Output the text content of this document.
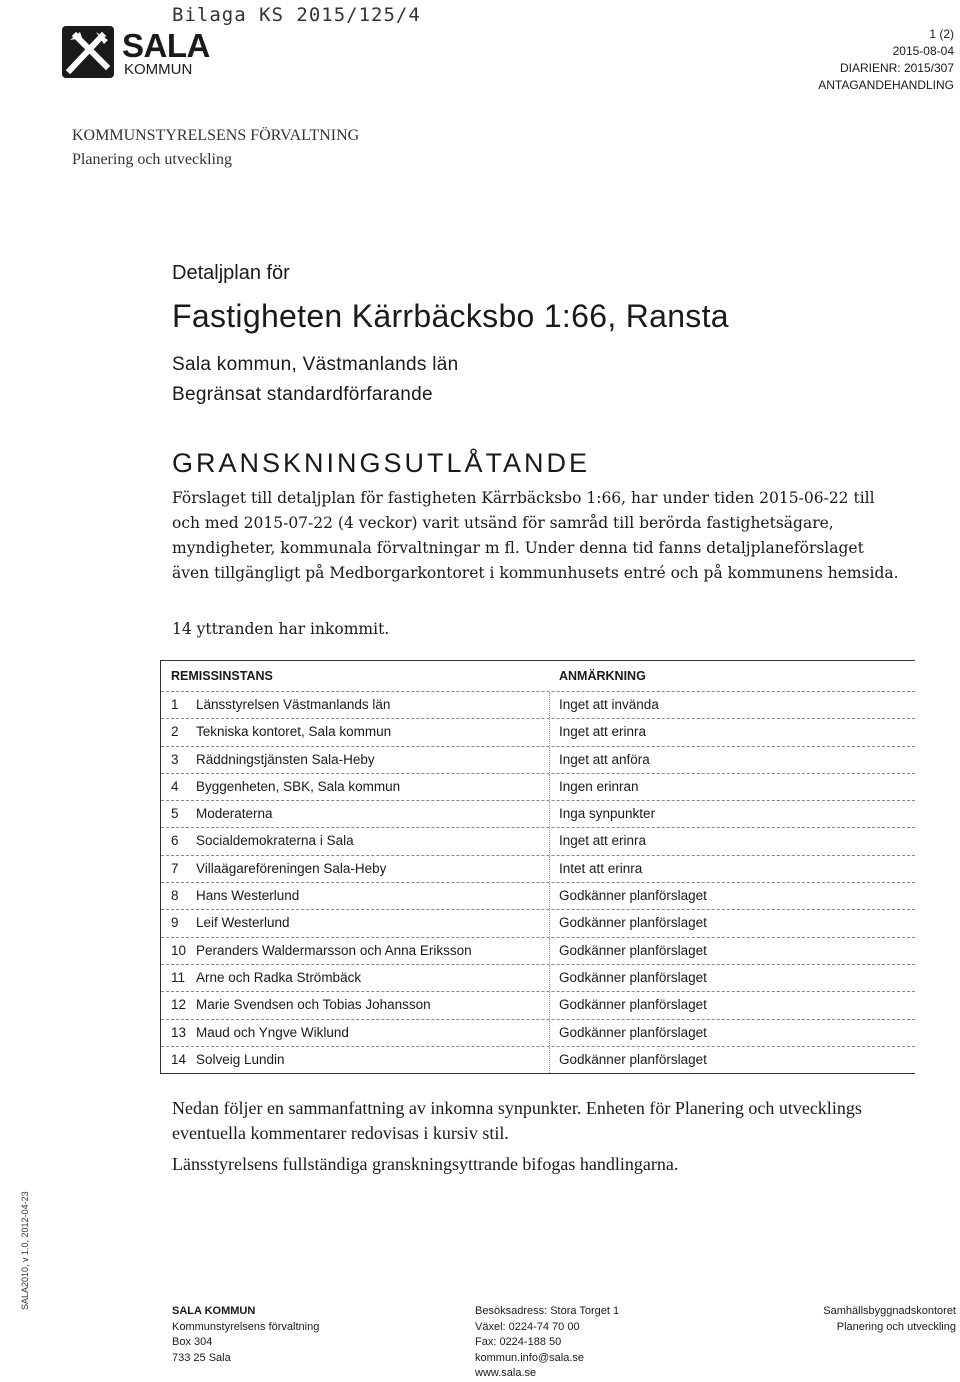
Bilaga KS 2015/125/4
SALA
KOMMUN
1 (2)
2015-08-04
DIARIENR: 2015/307
ANTAGANDEHANDLING
KOMMUNSTYRELSENS FÖRVALTNING
Planering och utveckling
Detaljplan för
Fastigheten Kärrbäcksbo 1:66, Ransta
Sala kommun, Västmanlands län
Begränsat standardförfarande
GRANSKNINGSUTLÅTANDE
Förslaget till detaljplan för fastigheten Kärrbäcksbo 1:66, har under tiden 2015-06-22 till och med 2015-07-22 (4 veckor) varit utsänd för samråd till berörda fastighetsägare, myndigheter, kommunala förvaltningar m fl. Under denna tid fanns detaljplaneförslaget även tillgängligt på Medborgarkontoret i kommunhusets entré och på kommunens hemsida.
14 yttranden har inkommit.
REMISSINSTANS	ANMÄRKNING
1 Länsstyrelsen Västmanlands län	Inget att invända
2 Tekniska kontoret, Sala kommun	Inget att erinra
3 Räddningstjänsten Sala-Heby	Inget att anföra
4 Byggenheten, SBK, Sala kommun	Ingen erinran
5 Moderaterna	Inga synpunkter
6 Socialdemokraterna i Sala	Inget att erinra
7 Villaägareföreningen Sala-Heby	Intet att erinra
8 Hans Westerlund	Godkänner planförslaget
9 Leif Westerlund	Godkänner planförslaget
10 Peranders Waldermarsson och Anna Eriksson	Godkänner planförslaget
11 Arne och Radka Strömbäck	Godkänner planförslaget
12 Marie Svendsen och Tobias Johansson	Godkänner planförslaget
13 Maud och Yngve Wiklund	Godkänner planförslaget
14 Solveig Lundin	Godkänner planförslaget
Nedan följer en sammanfattning av inkomna synpunkter. Enheten för Planering och utvecklings eventuella kommentarer redovisas i kursiv stil.
Länsstyrelsens fullständiga granskningsyttrande bifogas handlingarna.
SALA2010, v 1.0, 2012-04-23
SALA KOMMUN
Kommunstyrelsens förvaltning
Box 304
733 25 Sala
Besöksadress: Stora Torget 1
Växel: 0224-74 70 00
Fax: 0224-188 50
kommun.info@sala.se
www.sala.se
Samhällsbyggnadskontoret
Planering och utveckling
